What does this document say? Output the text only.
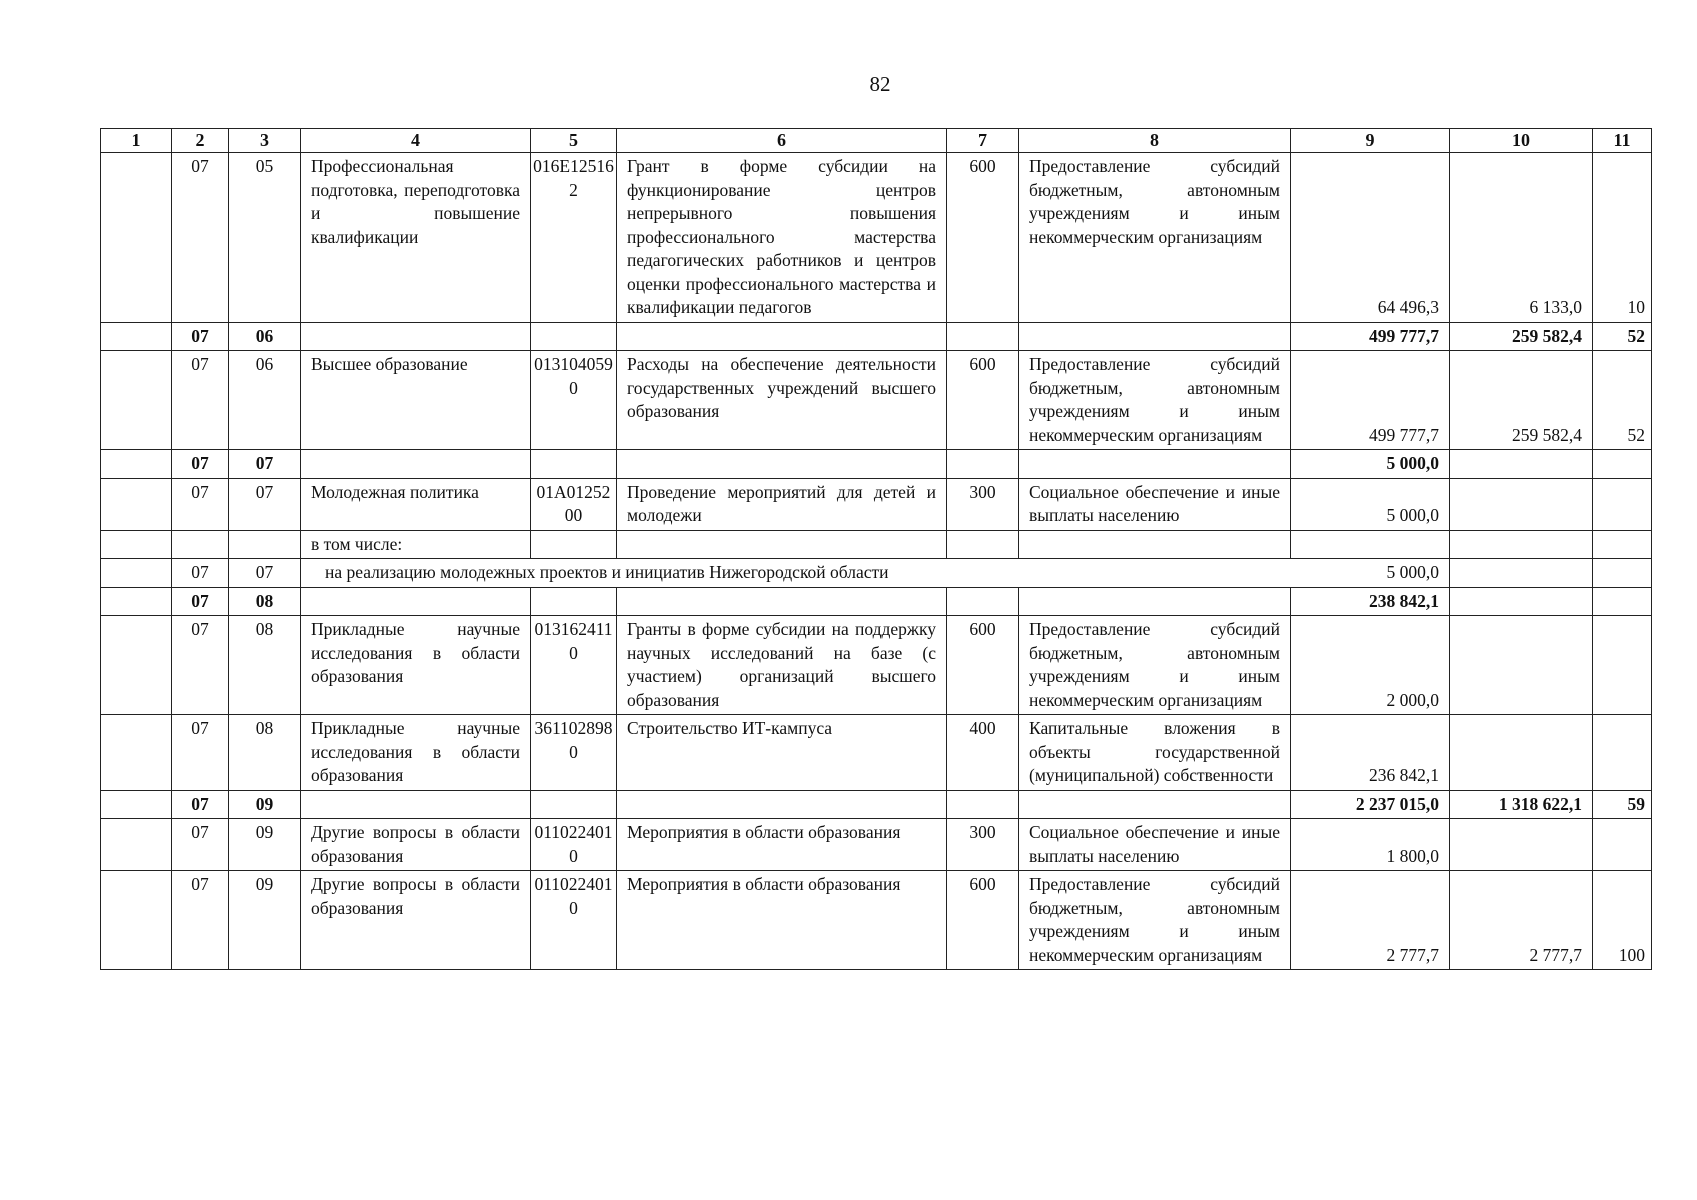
82
1	2	3	4	5	6	7	8	9	10	11
	07	05	Профессиональная подготовка, переподготовка и повышение квалификации	016E125162	Грант в форме субсидии на функционирование центров непрерывного повышения профессионального мастерства педагогических работников и центров оценки профессионального мастерства и квалификации педагогов	600	Предоставление субсидий бюджетным, автономным учреждениям и иным некоммерческим организациям	64 496,3	6 133,0	10
	07	06						499 777,7	259 582,4	52
	07	06	Высшее образование	0131040590	Расходы на обеспечение деятельности государственных учреждений высшего образования	600	Предоставление субсидий бюджетным, автономным учреждениям и иным некоммерческим организациям	499 777,7	259 582,4	52
	07	07						5 000,0		
	07	07	Молодежная политика	01А0125200	Проведение мероприятий для детей и молодежи	300	Социальное обеспечение и иные выплаты населению	5 000,0		
			в том числе:							
	07	07	на реализацию молодежных проектов и инициатив Нижегородской области					5 000,0		
	07	08						238 842,1		
	07	08	Прикладные научные исследования в области образования	0131624110	Гранты в форме субсидии на поддержку научных исследований на базе (с участием) организаций высшего образования	600	Предоставление субсидий бюджетным, автономным учреждениям и иным некоммерческим организациям	2 000,0		
	07	08	Прикладные научные исследования в области образования	3611028980	Строительство ИТ-кампуса	400	Капитальные вложения в объекты государственной (муниципальной) собственности	236 842,1		
	07	09						2 237 015,0	1 318 622,1	59
	07	09	Другие вопросы в области образования	0110224010	Мероприятия в области образования	300	Социальное обеспечение и иные выплаты населению	1 800,0		
	07	09	Другие вопросы в области образования	0110224010	Мероприятия в области образования	600	Предоставление субсидий бюджетным, автономным учреждениям и иным некоммерческим организациям	2 777,7	2 777,7	100
